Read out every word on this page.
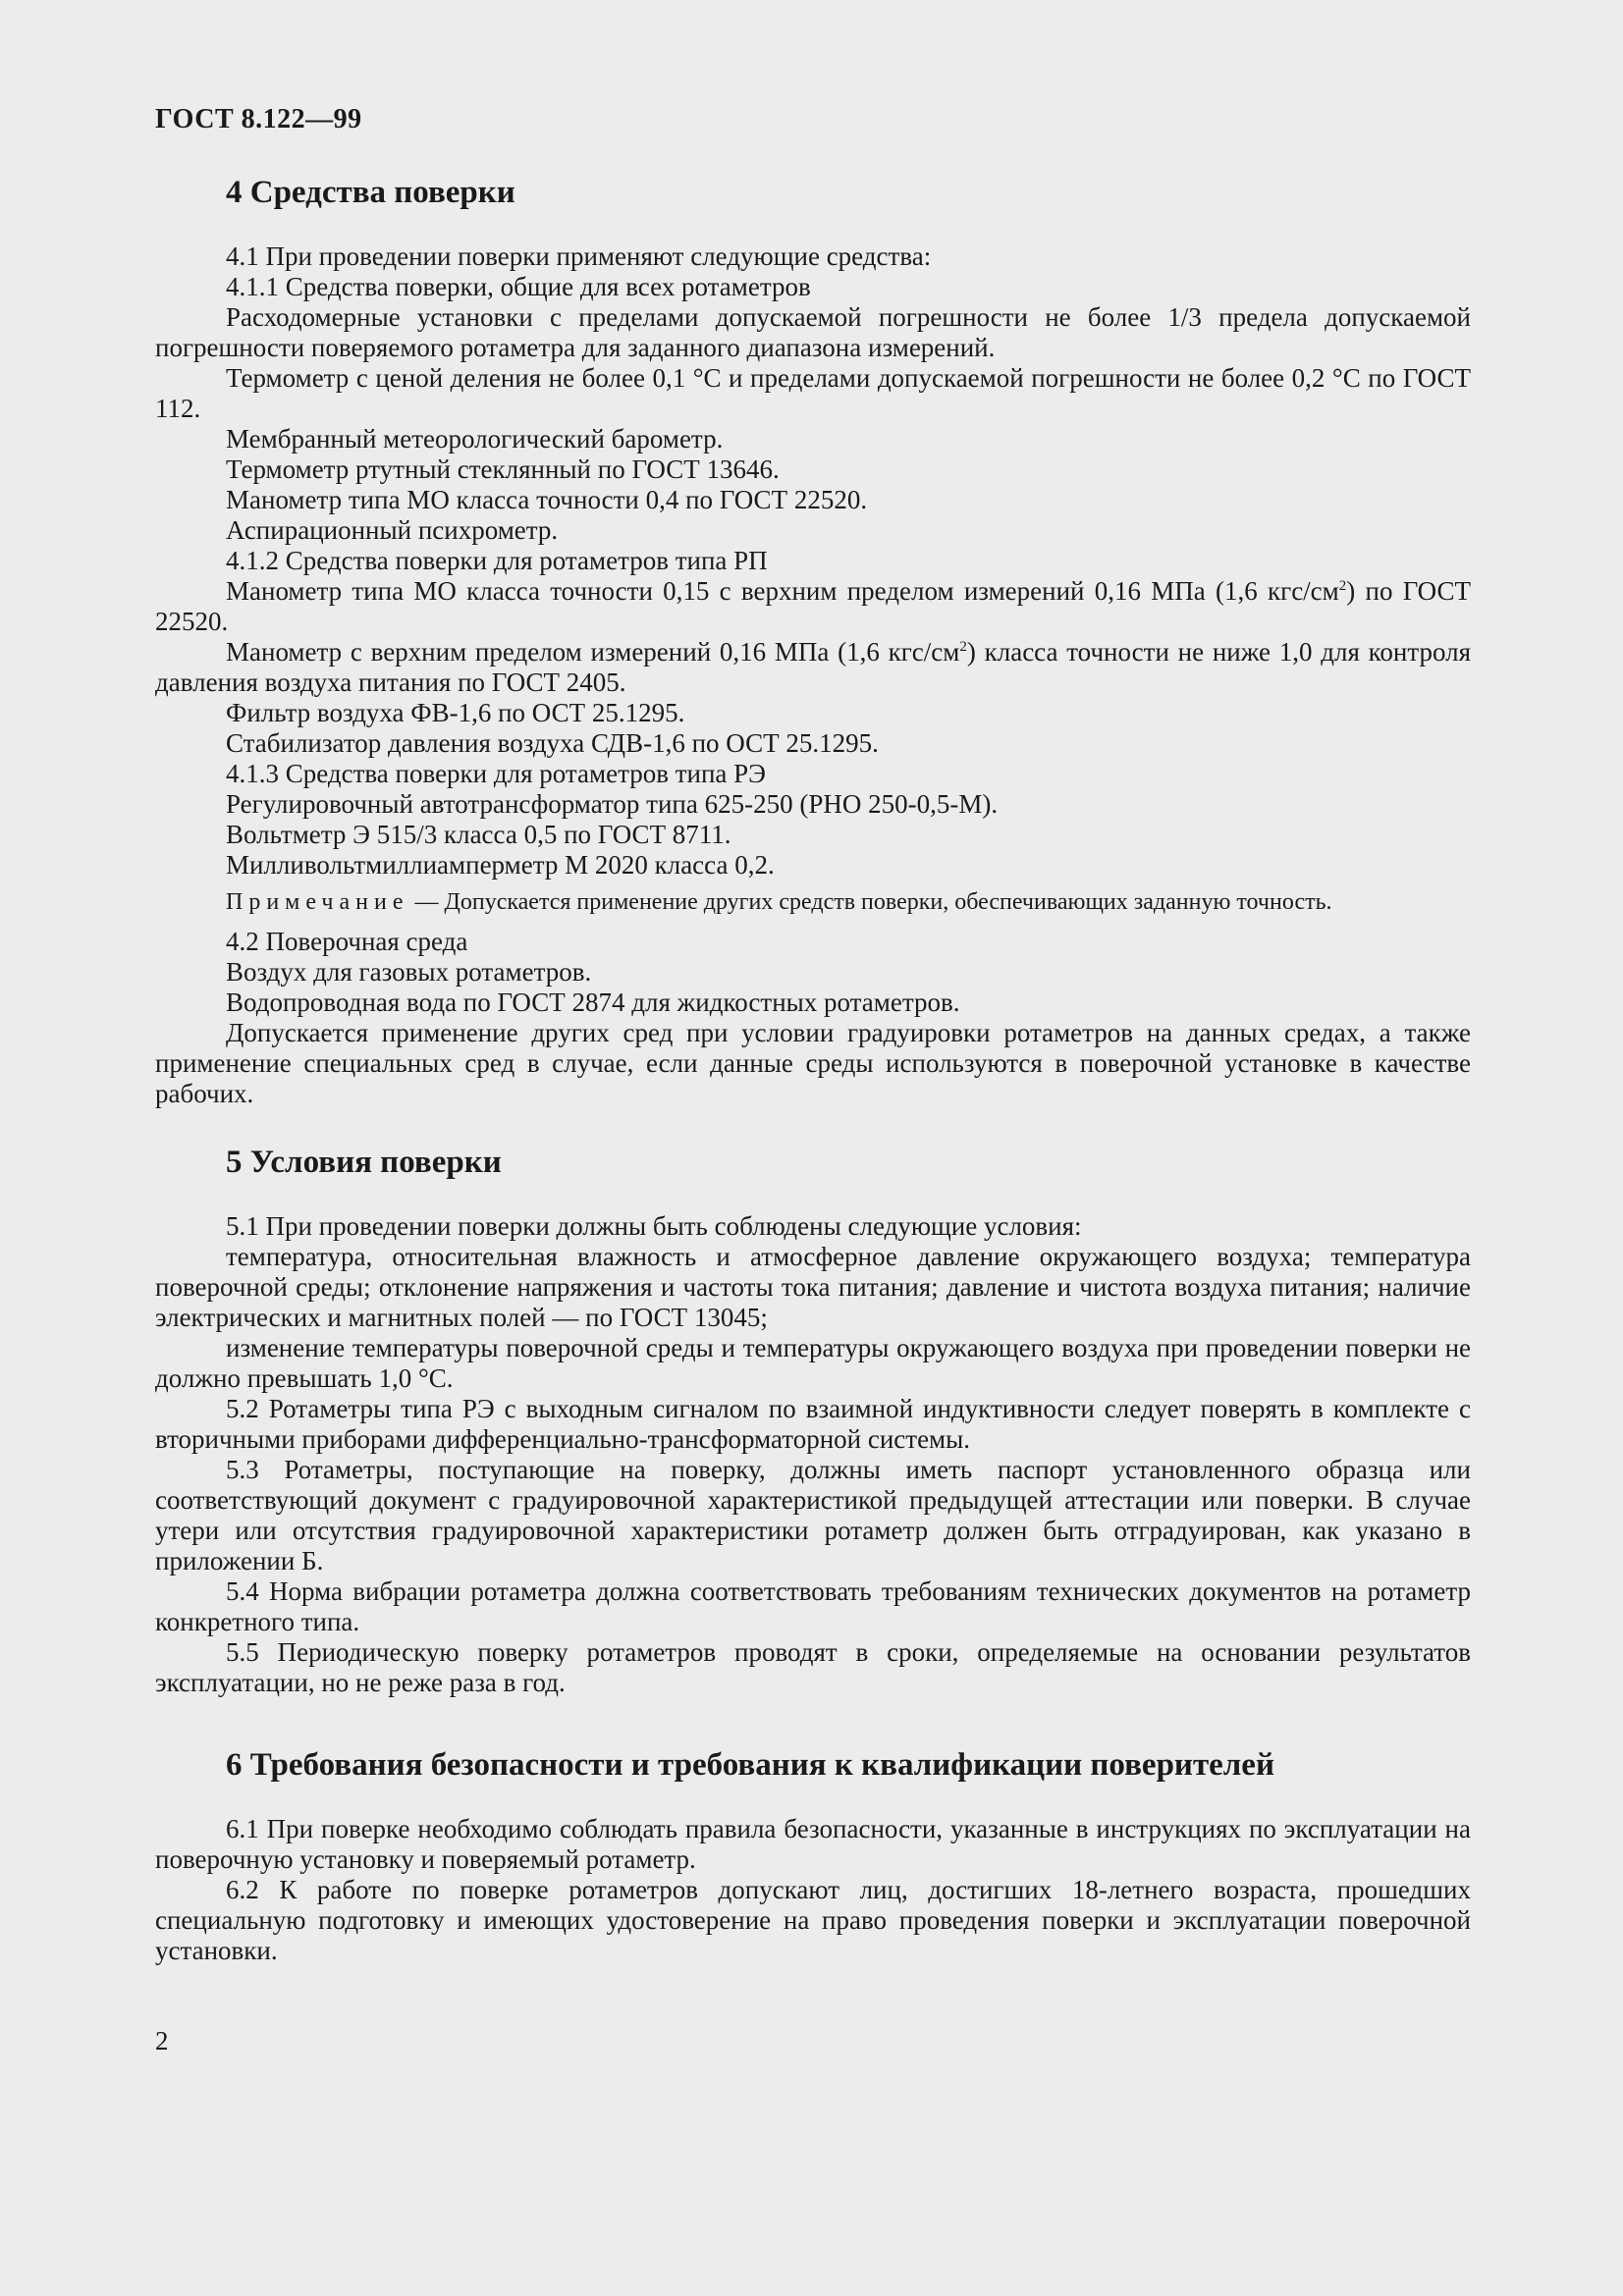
ГОСТ 8.122—99
4 Средства поверки

4.1 При проведении поверки применяют следующие средства:

4.1.1 Средства поверки, общие для всех ротаметров

Расходомерные установки с пределами допускаемой погрешности не более 1/3 предела допускаемой погрешности поверяемого ротаметра для заданного диапазона измерений.

Термометр с ценой деления не более 0,1 °С и пределами допускаемой погрешности не более 0,2 °С по ГОСТ 112.

Мембранный метеорологический барометр.

Термометр ртутный стеклянный по ГОСТ 13646.

Манометр типа МО класса точности 0,4 по ГОСТ 22520.

Аспирационный психрометр.

4.1.2 Средства поверки для ротаметров типа РП

Манометр типа МО класса точности 0,15 с верхним пределом измерений 0,16 МПа (1,6 кгс/$см^2$) по ГОСТ 22520.

Манометр с верхним пределом измерений 0,16 МПа (1,6 кгс/$см^2$) класса точности не ниже 1,0 для контроля давления воздуха питания по ГОСТ 2405.

Фильтр воздуха ФВ-1,6 по ОСТ 25.1295.

Стабилизатор давления воздуха СДВ-1,6 по ОСТ 25.1295.

4.1.3 Средства поверки для ротаметров типа РЭ

Регулировочный автотрансформатор типа 625-250 (РНО 250-0,5-М).

Вольтметр Э 515/3 класса 0,5 по ГОСТ 8711.

Милливольтмиллиамперметр М 2020 класса 0,2.

Примечание — Допускается применение других средств поверки, обеспечивающих заданную точность.

4.2 Поверочная среда

Воздух для газовых ротаметров.

Водопроводная вода по ГОСТ 2874 для жидкостных ротаметров.

Допускается применение других сред при условии градуировки ротаметров на данных средах, а также применение специальных сред в случае, если данные среды используются в поверочной установке в качестве рабочих.

5 Условия поверки

5.1 При проведении поверки должны быть соблюдены следующие условия:

температура, относительная влажность и атмосферное давление окружающего воздуха; температура поверочной среды; отклонение напряжения и частоты тока питания; давление и чистота воздуха питания; наличие электрических и магнитных полей — по ГОСТ 13045;

изменение температуры поверочной среды и температуры окружающего воздуха при проведении поверки не должно превышать 1,0 °С.

5.2 Ротаметры типа РЭ с выходным сигналом по взаимной индуктивности следует поверять в комплекте с вторичными приборами дифференциально-трансформаторной системы.

5.3 Ротаметры, поступающие на поверку, должны иметь паспорт установленного образца или соответствующий документ с градуировочной характеристикой предыдущей аттестации или поверки. В случае утери или отсутствия градуировочной характеристики ротаметр должен быть отградуирован, как указано в приложении Б.

5.4 Норма вибрации ротаметра должна соответствовать требованиям технических документов на ротаметр конкретного типа.

5.5 Периодическую поверку ротаметров проводят в сроки, определяемые на основании результатов эксплуатации, но не реже раза в год.

6 Требования безопасности и требования к квалификации поверителей

6.1 При поверке необходимо соблюдать правила безопасности, указанные в инструкциях по эксплуатации на поверочную установку и поверяемый ротаметр.

6.2 К работе по поверке ротаметров допускают лиц, достигших 18-летнего возраста, прошедших специальную подготовку и имеющих удостоверение на право проведения поверки и эксплуатации поверочной установки.

2
